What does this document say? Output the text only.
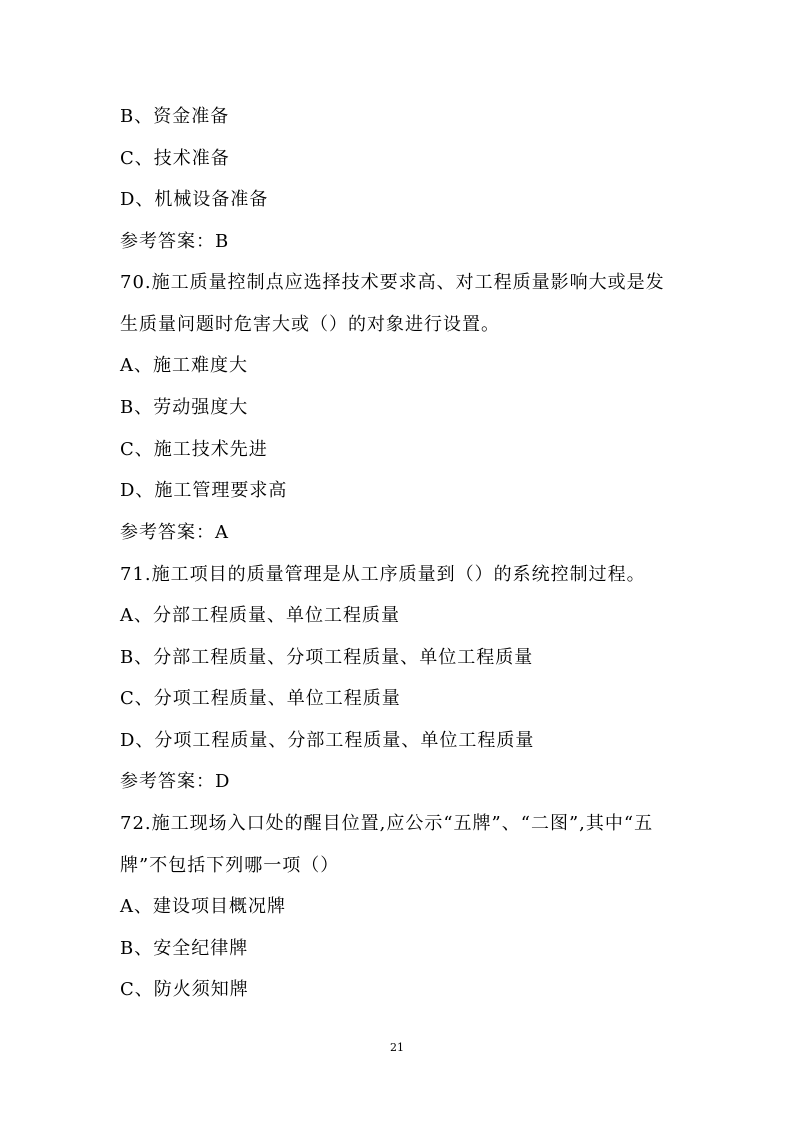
B、资金准备
C、技术准备
D、机械设备准备
参考答案：B
70.施工质量控制点应选择技术要求高、对工程质量影响大或是发
生质量问题时危害大或（）的对象进行设置。
A、施工难度大
B、劳动强度大
C、施工技术先进
D、施工管理要求高
参考答案：A
71.施工项目的质量管理是从工序质量到（）的系统控制过程。
A、分部工程质量、单位工程质量
B、分部工程质量、分项工程质量、单位工程质量
C、分项工程质量、单位工程质量
D、分项工程质量、分部工程质量、单位工程质量
参考答案：D
72.施工现场入口处的醒目位置,应公示“五牌”、“二图”,其中“五
牌”不包括下列哪一项（）
A、建设项目概况牌
B、安全纪律牌
C、防火须知牌
21
